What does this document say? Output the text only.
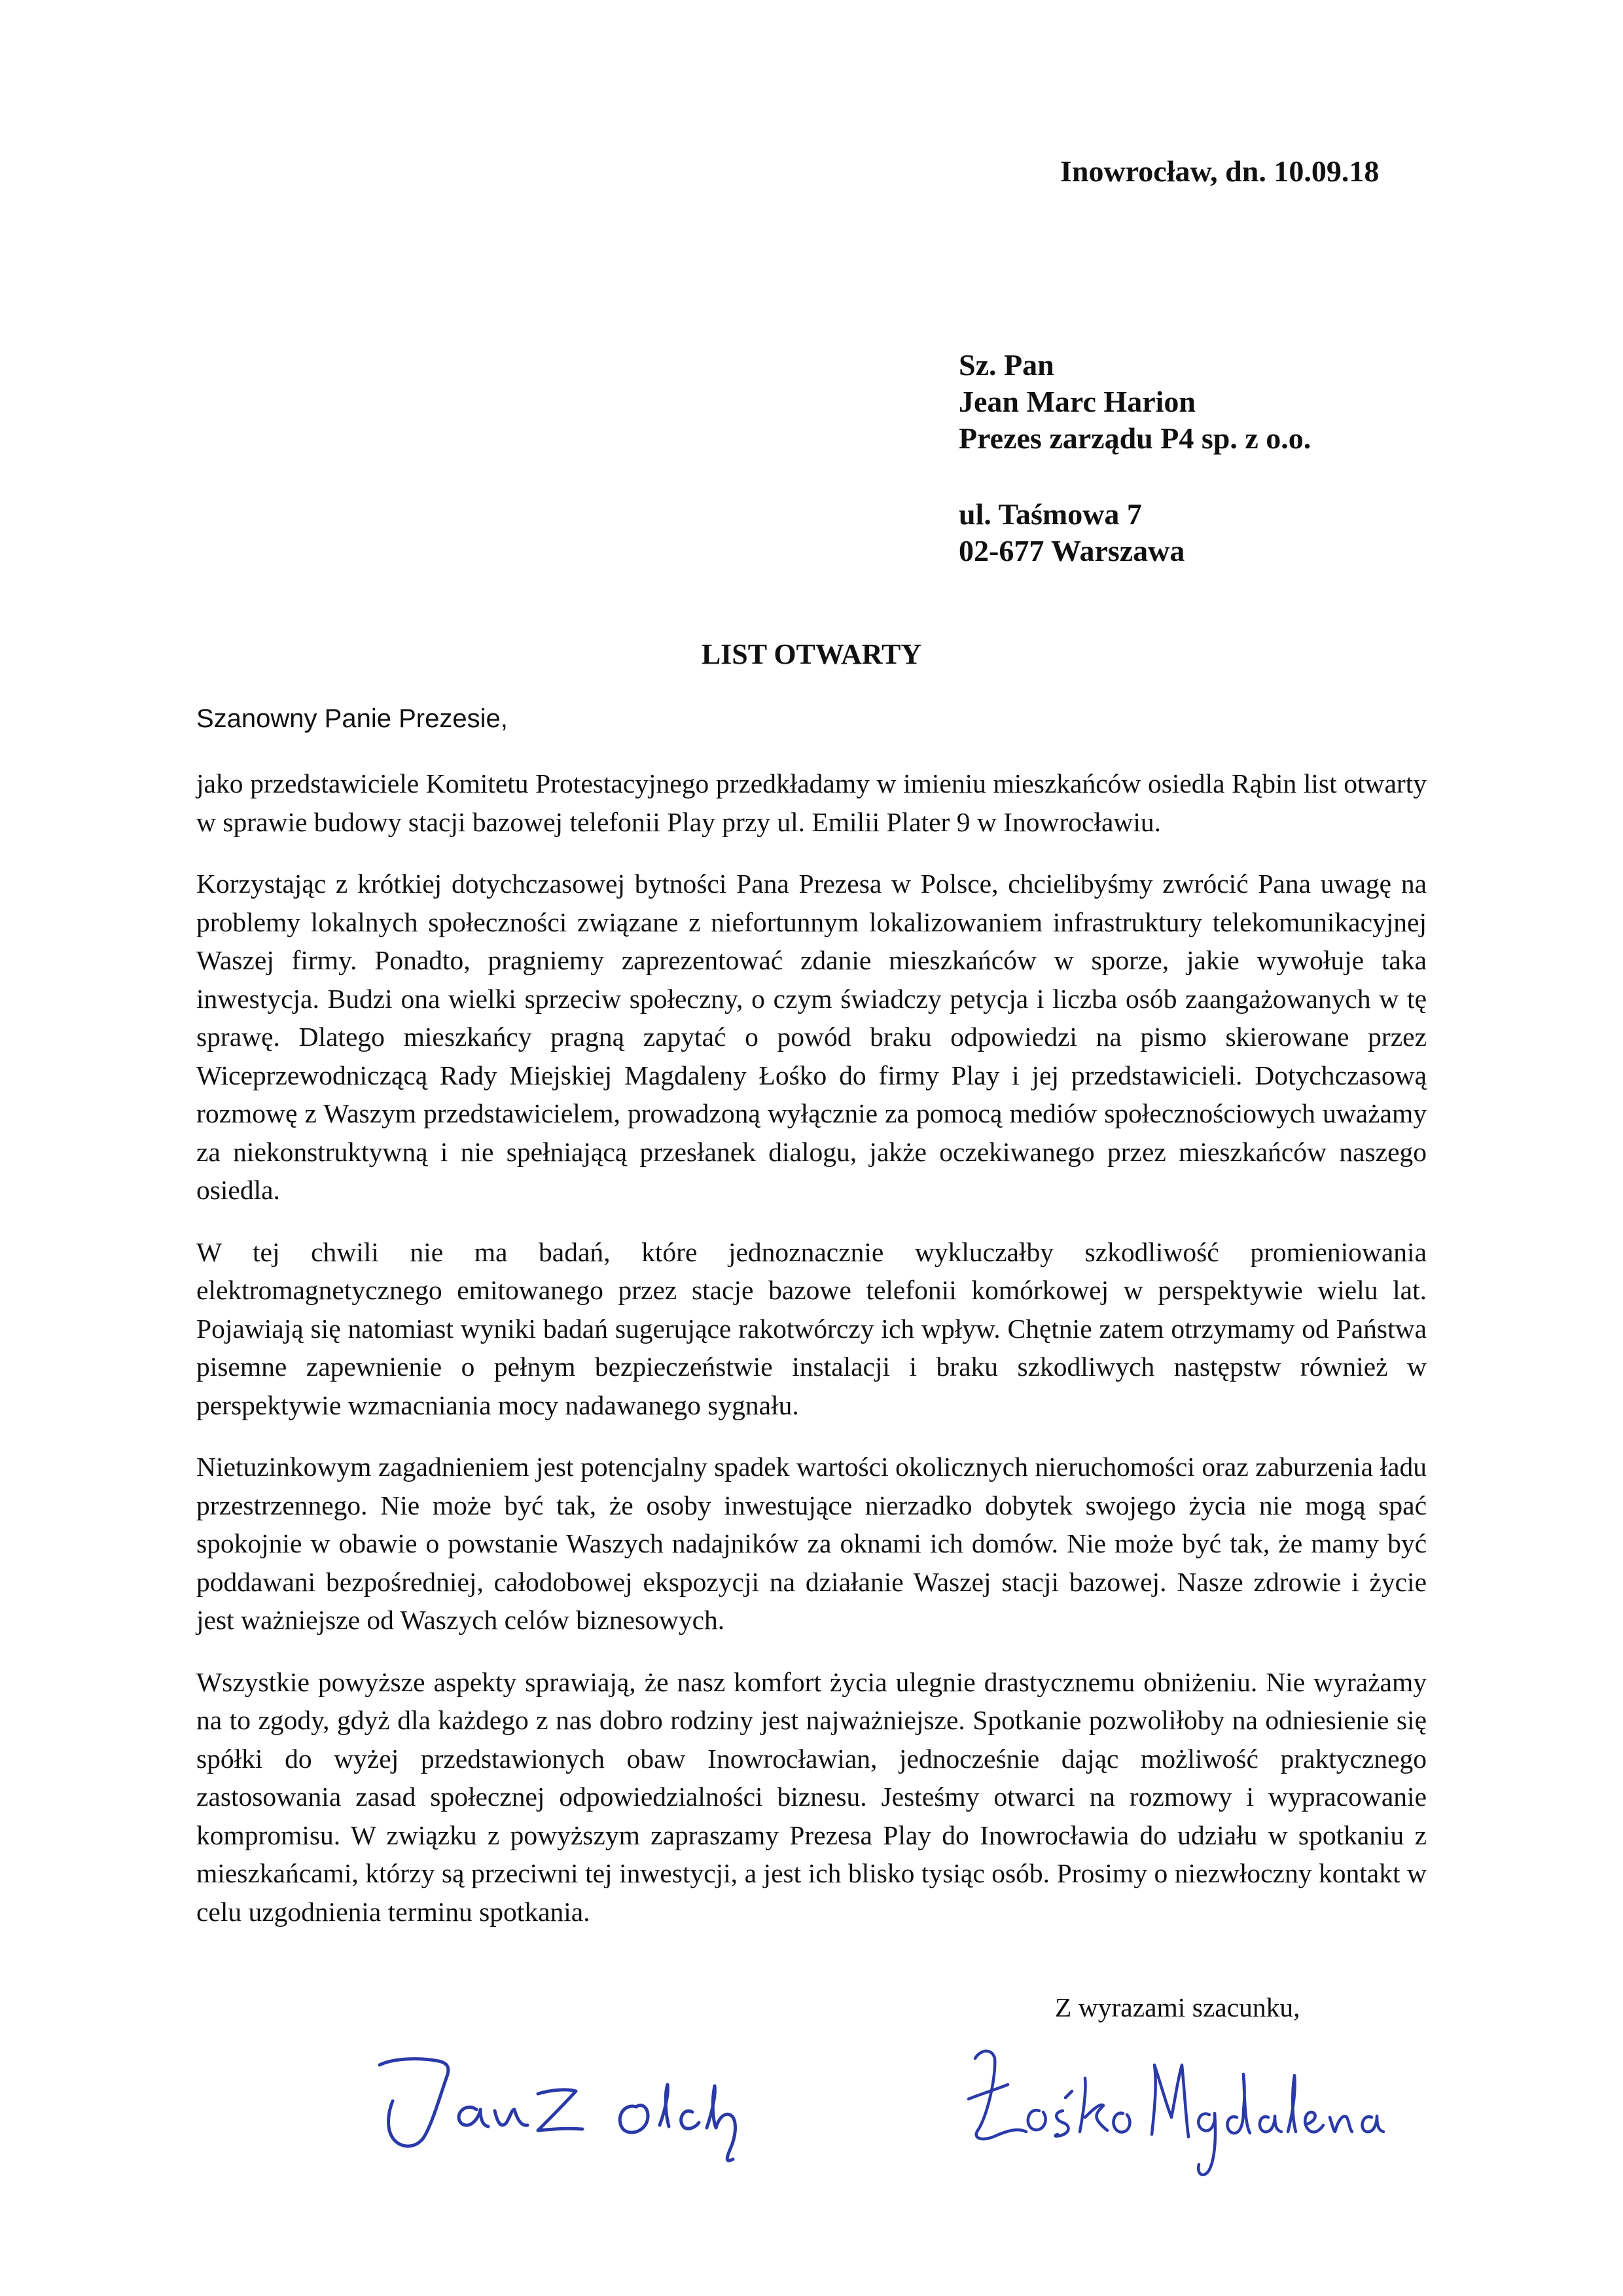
Inowrocław, dn. 10.09.18
Sz. Pan
Jean Marc Harion
Prezes zarządu P4 sp. z o.o.
ul. Taśmowa 7
02-677 Warszawa
LIST OTWARTY
Szanowny Panie Prezesie,

jako przedstawiciele Komitetu Protestacyjnego przedkładamy w imieniu mieszkańców osiedla Rąbin list otwarty w sprawie budowy stacji bazowej telefonii Play przy ul. Emilii Plater 9 w Inowrocławiu.

Korzystając z krótkiej dotychczasowej bytności Pana Prezesa w Polsce, chcielibyśmy zwrócić Pana uwagę na problemy lokalnych społeczności związane z niefortunnym lokalizowaniem infrastruktury telekomunikacyjnej Waszej firmy. Ponadto, pragniemy zaprezentować zdanie mieszkańców w sporze, jakie wywołuje taka inwestycja. Budzi ona wielki sprzeciw społeczny, o czym świadczy petycja i liczba osób zaangażowanych w tę sprawę. Dlatego mieszkańcy pragną zapytać o powód braku odpowiedzi na pismo skierowane przez Wiceprzewodniczącą Rady Miejskiej Magdaleny Łośko do firmy Play i jej przedstawicieli. Dotychczasową rozmowę z Waszym przedstawicielem, prowadzoną wyłącznie za pomocą mediów społecznościowych uważamy za niekonstruktywną i nie spełniającą przesłanek dialogu, jakże oczekiwanego przez mieszkańców naszego osiedla.

W tej chwili nie ma badań, które jednoznacznie wykluczałby szkodliwość promieniowania elektromagnetycznego emitowanego przez stacje bazowe telefonii komórkowej w perspektywie wielu lat. Pojawiają się natomiast wyniki badań sugerujące rakotwórczy ich wpływ. Chętnie zatem otrzymamy od Państwa pisemne zapewnienie o pełnym bezpieczeństwie instalacji i braku szkodliwych następstw również w perspektywie wzmacniania mocy nadawanego sygnału.

Nietuzinkowym zagadnieniem jest potencjalny spadek wartości okolicznych nieruchomości oraz zaburzenia ładu przestrzennego. Nie może być tak, że osoby inwestujące nierzadko dobytek swojego życia nie mogą spać spokojnie w obawie o powstanie Waszych nadajników za oknami ich domów. Nie może być tak, że mamy być poddawani bezpośredniej, całodobowej ekspozycji na działanie Waszej stacji bazowej. Nasze zdrowie i życie jest ważniejsze od Waszych celów biznesowych.

Wszystkie powyższe aspekty sprawiają, że nasz komfort życia ulegnie drastycznemu obniżeniu. Nie wyrażamy na to zgody, gdyż dla każdego z nas dobro rodziny jest najważniejsze. Spotkanie pozwoliłoby na odniesienie się spółki do wyżej przedstawionych obaw Inowrocławian, jednocześnie dając możliwość praktycznego zastosowania zasad społecznej odpowiedzialności biznesu. Jesteśmy otwarci na rozmowy i wypracowanie kompromisu. W związku z powyższym zapraszamy Prezesa Play do Inowrocławia do udziału w spotkaniu z mieszkańcami, którzy są przeciwni tej inwestycji, a jest ich blisko tysiąc osób. Prosimy o niezwłoczny kontakt w celu uzgodnienia terminu spotkania.

Z wyrazami szacunku,
